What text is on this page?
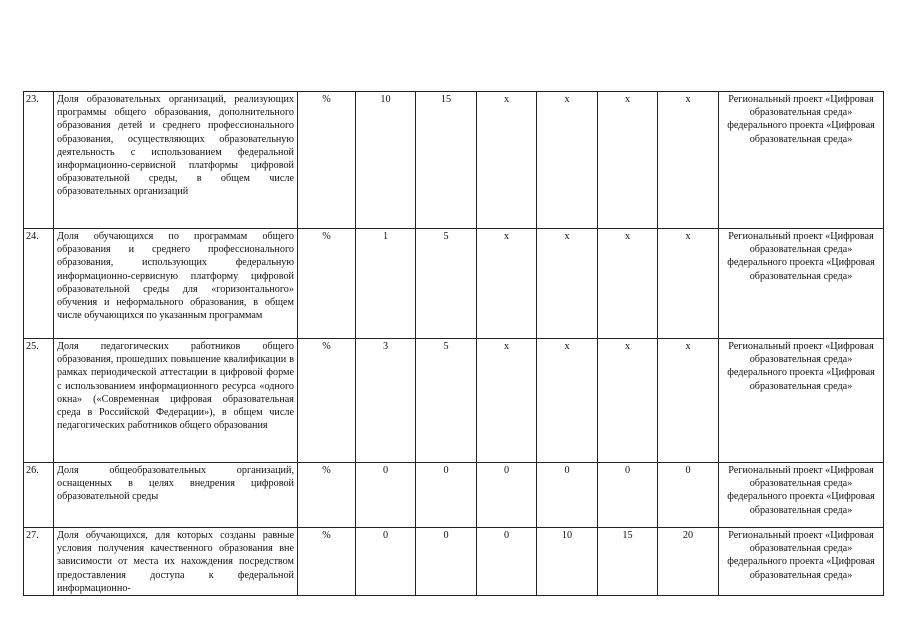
23.	Доля образовательных организаций, реализующих программы общего образования, дополнительного образования детей и среднего профессионального образования, осуществляющих образовательную деятельность с использованием федеральной информационно-сервисной платформы цифровой образовательной среды, в общем числе образовательных организаций	%	10	15	х	х	х	х	Региональный проект «Цифровая образовательная среда» федерального проекта «Цифровая образовательная среда»
24.	Доля обучающихся по программам общего образования и среднего профессионального образования, использующих федеральную информационно-сервисную платформу цифровой образовательной среды для «горизонтального» обучения и неформального образования, в общем числе обучающихся по указанным программам	%	1	5	х	х	х	х	Региональный проект «Цифровая образовательная среда» федерального проекта «Цифровая образовательная среда»
25.	Доля педагогических работников общего образования, прошедших повышение квалификации в рамках периодической аттестации в цифровой форме с использованием информационного ресурса «одного окна» («Современная цифровая образовательная среда в Российской Федерации»), в общем числе педагогических работников общего образования	%	3	5	х	х	х	х	Региональный проект «Цифровая образовательная среда» федерального проекта «Цифровая образовательная среда»
26.	Доля общеобразовательных организаций, оснащенных в целях внедрения цифровой образовательной среды	%	0	0	0	0	0	0	Региональный проект «Цифровая образовательная среда» федерального проекта «Цифровая образовательная среда»
27.	Доля обучающихся, для которых созданы равные условия получения качественного образования вне зависимости от места их нахождения посредством предоставления доступа к федеральной информационно-	%	0	0	0	10	15	20	Региональный проект «Цифровая образовательная среда» федерального проекта «Цифровая образовательная среда»
